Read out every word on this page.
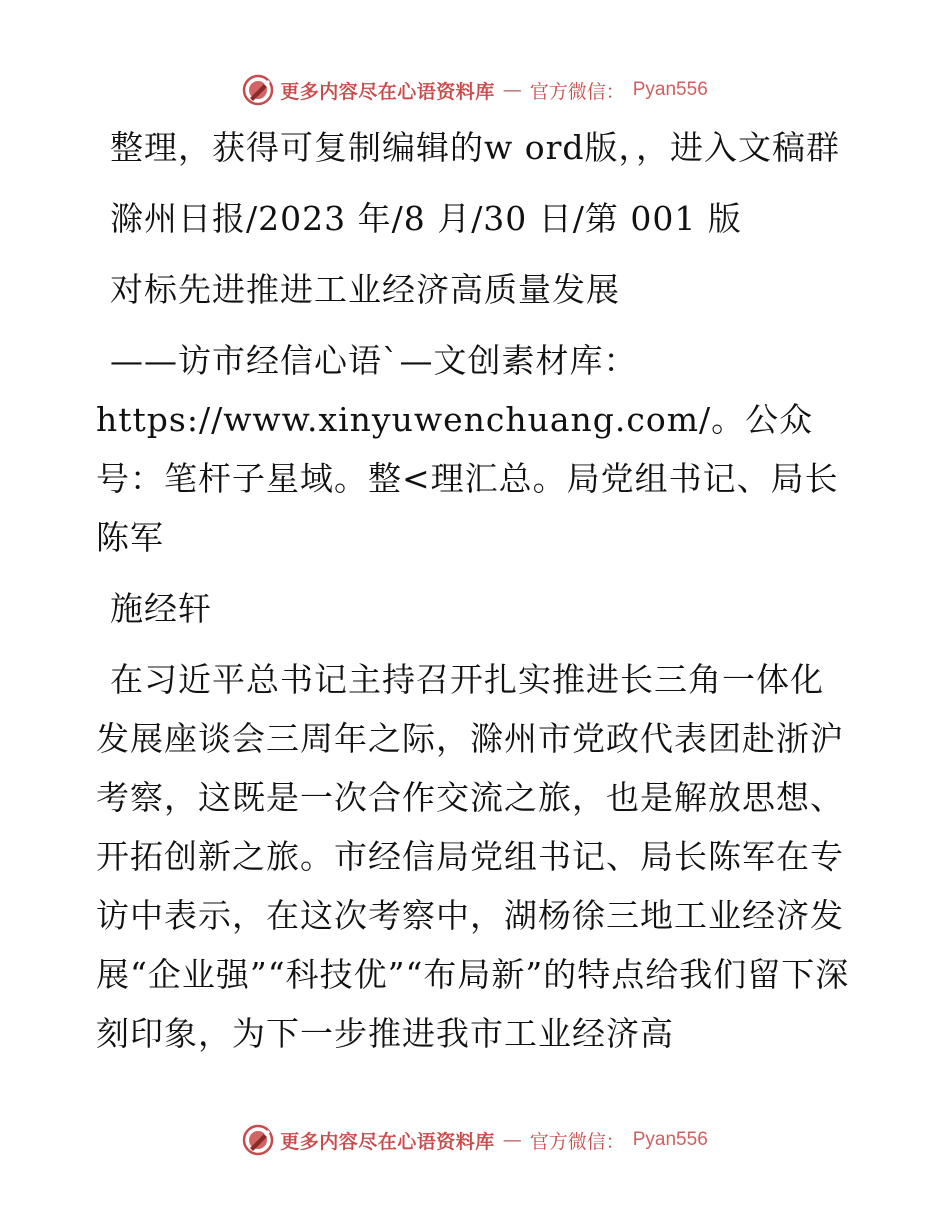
更多内容尽在心语资料库 — 官方微信： Pyan556

整理，获得可复制编辑的w ord版，，进入文稿群

滁州日报/2023 年/8 月/30 日/第 001 版

对标先进推进工业经济高质量发展

——访市经信心语`—文创素材库：https://www.xinyuwenchuang.com/。公众号：笔杆子星域。整<理汇总。局党组书记、局长陈军

施经轩

在习近平总书记主持召开扎实推进长三角一体化发展座谈会三周年之际，滁州市党政代表团赴浙沪考察，这既是一次合作交流之旅，也是解放思想、开拓创新之旅。市经信局党组书记、局长陈军在专访中表示，在这次考察中，湖杨徐三地工业经济发展“企业强”“科技优”“布局新”的特点给我们留下深刻印象，为下一步推进我市工业经济高

更多内容尽在心语资料库 — 官方微信： Pyan556
